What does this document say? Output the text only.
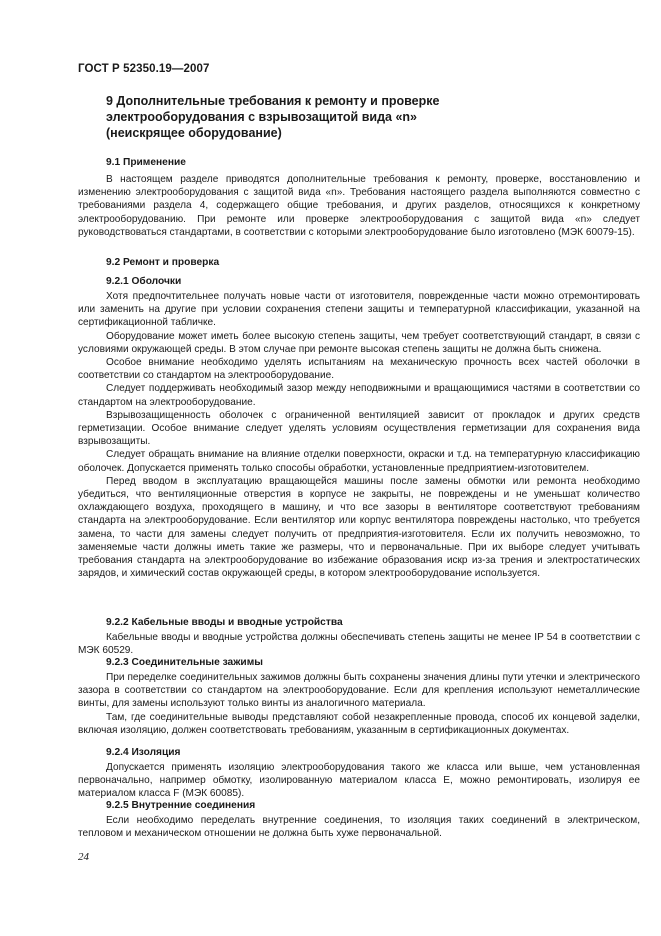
ГОСТ Р 52350.19—2007
9 Дополнительные требования к ремонту и проверке
электрооборудования с взрывозащитой вида «n»
(неискрящее оборудование)
9.1 Применение

В настоящем разделе приводятся дополнительные требования к ремонту, проверке, восстановлению и изменению электрооборудования с защитой вида «n». Требования настоящего раздела выполняются совместно с требованиями раздела 4, содержащего общие требования, и других разделов, относящихся к конкретному электрооборудованию. При ремонте или проверке электрооборудования с защитой вида «n» следует руководствоваться стандартами, в соответствии с которыми электрооборудование было изготовлено (МЭК 60079-15).

9.2 Ремонт и проверка
9.2.1 Оболочки

Хотя предпочтительнее получать новые части от изготовителя, поврежденные части можно отремонтировать или заменить на другие при условии сохранения степени защиты и температурной классификации, указанной на сертификационной табличке.

Оборудование может иметь более высокую степень защиты, чем требует соответствующий стандарт, в связи с условиями окружающей среды. В этом случае при ремонте высокая степень защиты не должна быть снижена.

Особое внимание необходимо уделять испытаниям на механическую прочность всех частей оболочки в соответствии со стандартом на электрооборудование.

Следует поддерживать необходимый зазор между неподвижными и вращающимися частями в соответствии со стандартом на электрооборудование.

Взрывозащищенность оболочек с ограниченной вентиляцией зависит от прокладок и других средств герметизации. Особое внимание следует уделять условиям осуществления герметизации для сохранения вида взрывозащиты.

Следует обращать внимание на влияние отделки поверхности, окраски и т.д. на температурную классификацию оболочек. Допускается применять только способы обработки, установленные предприятием-изготовителем.

Перед вводом в эксплуатацию вращающейся машины после замены обмотки или ремонта необходимо убедиться, что вентиляционные отверстия в корпусе не закрыты, не повреждены и не уменьшат количество охлаждающего воздуха, проходящего в машину, и что все зазоры в вентиляторе соответствуют требованиям стандарта на электрооборудование. Если вентилятор или корпус вентилятора повреждены настолько, что требуется замена, то части для замены следует получить от предприятия-изготовителя. Если их получить невозможно, то заменяемые части должны иметь такие же размеры, что и первоначальные. При их выборе следует учитывать требования стандарта на электрооборудование во избежание образования искр из-за трения и электростатических зарядов, и химический состав окружающей среды, в котором электрооборудование используется.

9.2.2 Кабельные вводы и вводные устройства

Кабельные вводы и вводные устройства должны обеспечивать степень защиты не менее IP 54 в соответствии с МЭК 60529.

9.2.3 Соединительные зажимы

При переделке соединительных зажимов должны быть сохранены значения длины пути утечки и электрического зазора в соответствии со стандартом на электрооборудование. Если для крепления используют неметаллические винты, для замены используют только винты из аналогичного материала.

Там, где соединительные выводы представляют собой незакрепленные провода, способ их концевой заделки, включая изоляцию, должен соответствовать требованиям, указанным в сертификационных документах.

9.2.4 Изоляция

Допускается применять изоляцию электрооборудования такого же класса или выше, чем установленная первоначально, например обмотку, изолированную материалом класса Е, можно ремонтировать, изолируя ее материалом класса F (МЭК 60085).

9.2.5 Внутренние соединения

Если необходимо переделать внутренние соединения, то изоляция таких соединений в электрическом, тепловом и механическом отношении не должна быть хуже первоначальной.

24
